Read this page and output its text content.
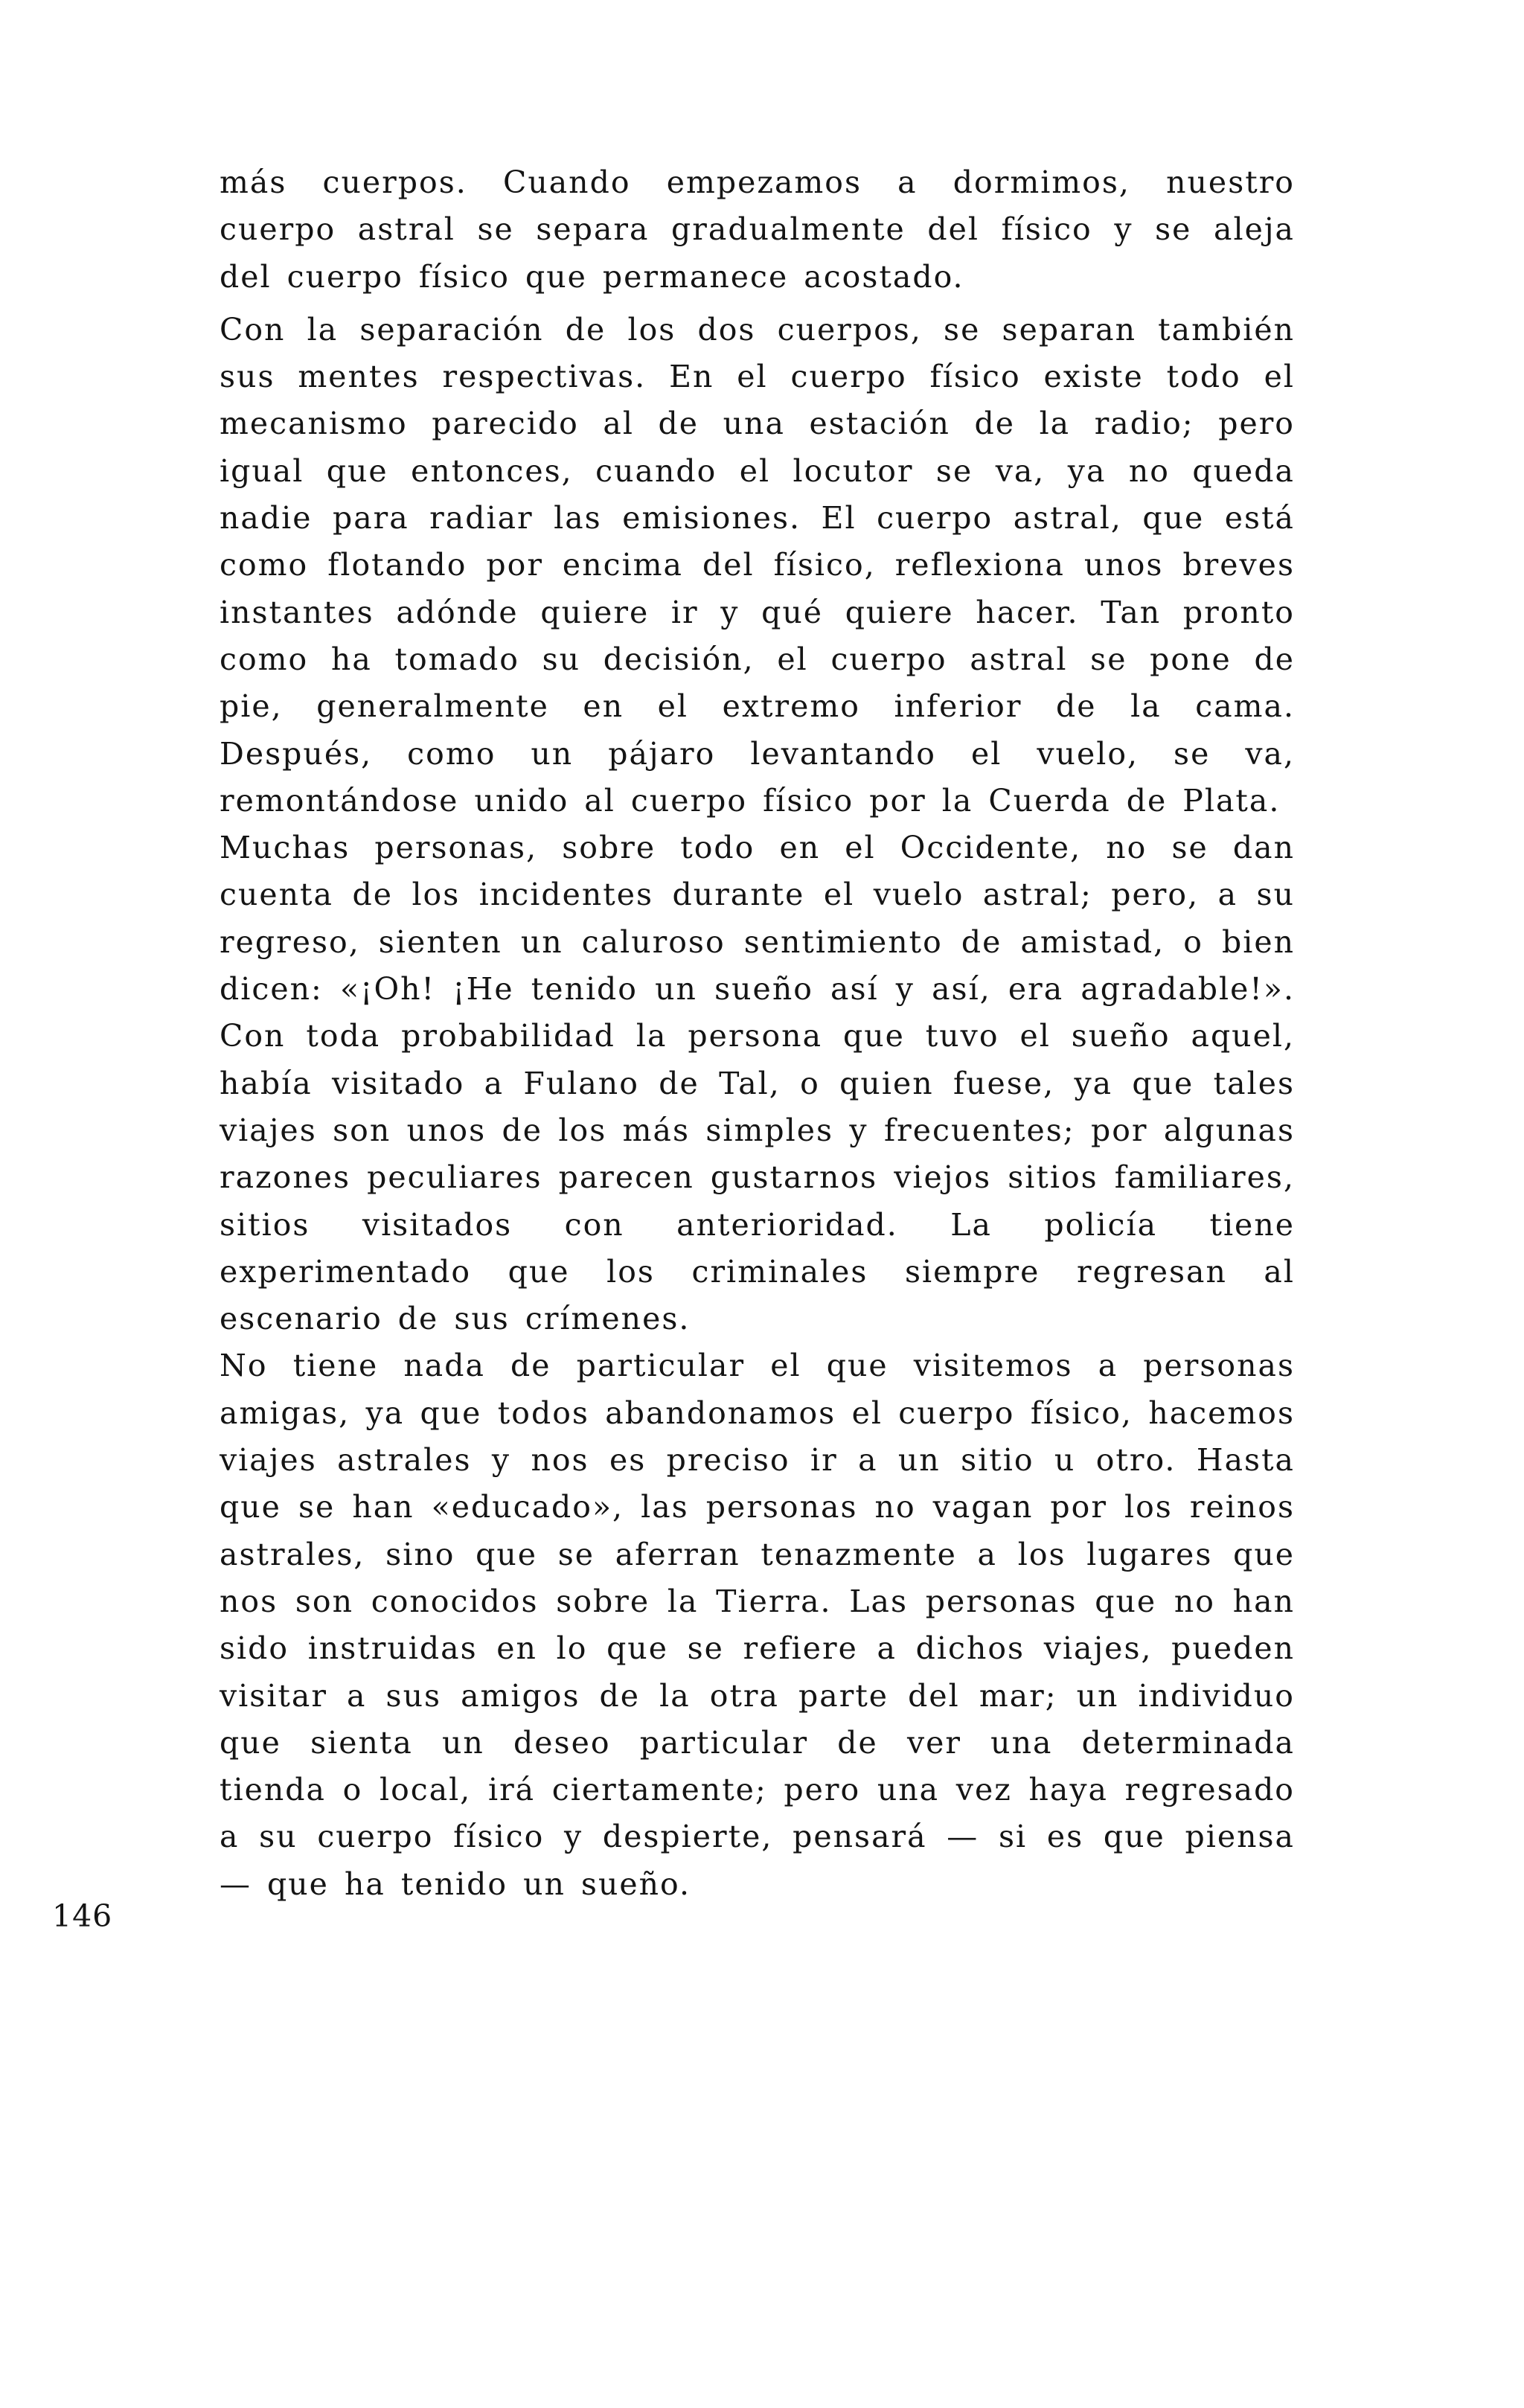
más cuerpos. Cuando empezamos a dormimos, nuestro cuerpo astral se separa gradualmente del físico y se aleja del cuerpo físico que permanece acostado.

Con la separación de los dos cuerpos, se separan también sus mentes respectivas. En el cuerpo físico existe todo el mecanismo parecido al de una estación de la radio; pero igual que entonces, cuando el locutor se va, ya no queda nadie para radiar las emisiones. El cuerpo astral, que está como flotando por encima del físico, reflexiona unos breves instantes adónde quiere ir y qué quiere hacer. Tan pronto como ha tomado su decisión, el cuerpo astral se pone de pie, generalmente en el extremo inferior de la cama. Después, como un pájaro levantando el vuelo, se va, remontándose unido al cuerpo físico por la Cuerda de Plata.

Muchas personas, sobre todo en el Occidente, no se dan cuenta de los incidentes durante el vuelo astral; pero, a su regreso, sienten un caluroso sentimiento de amistad, o bien dicen: «¡Oh! ¡He tenido un sueño así y así, era agradable!». Con toda probabilidad la persona que tuvo el sueño aquel, había visitado a Fulano de Tal, o quien fuese, ya que tales viajes son unos de los más simples y frecuentes; por algunas razones peculiares parecen gustarnos viejos sitios familiares, sitios visitados con anterioridad. La policía tiene experimentado que los criminales siempre regresan al escenario de sus crímenes.

No tiene nada de particular el que visitemos a personas amigas, ya que todos abandonamos el cuerpo físico, hacemos viajes astrales y nos es preciso ir a un sitio u otro. Hasta que se han «educado», las personas no vagan por los reinos astrales, sino que se aferran tenazmente a los lugares que nos son conocidos sobre la Tierra. Las personas que no han sido instruidas en lo que se refiere a dichos viajes, pueden visitar a sus amigos de la otra parte del mar; un individuo que sienta un deseo particular de ver una determinada tienda o local, irá ciertamente; pero una vez haya regresado a su cuerpo físico y despierte, pensará — si es que piensa — que ha tenido un sueño.

146
